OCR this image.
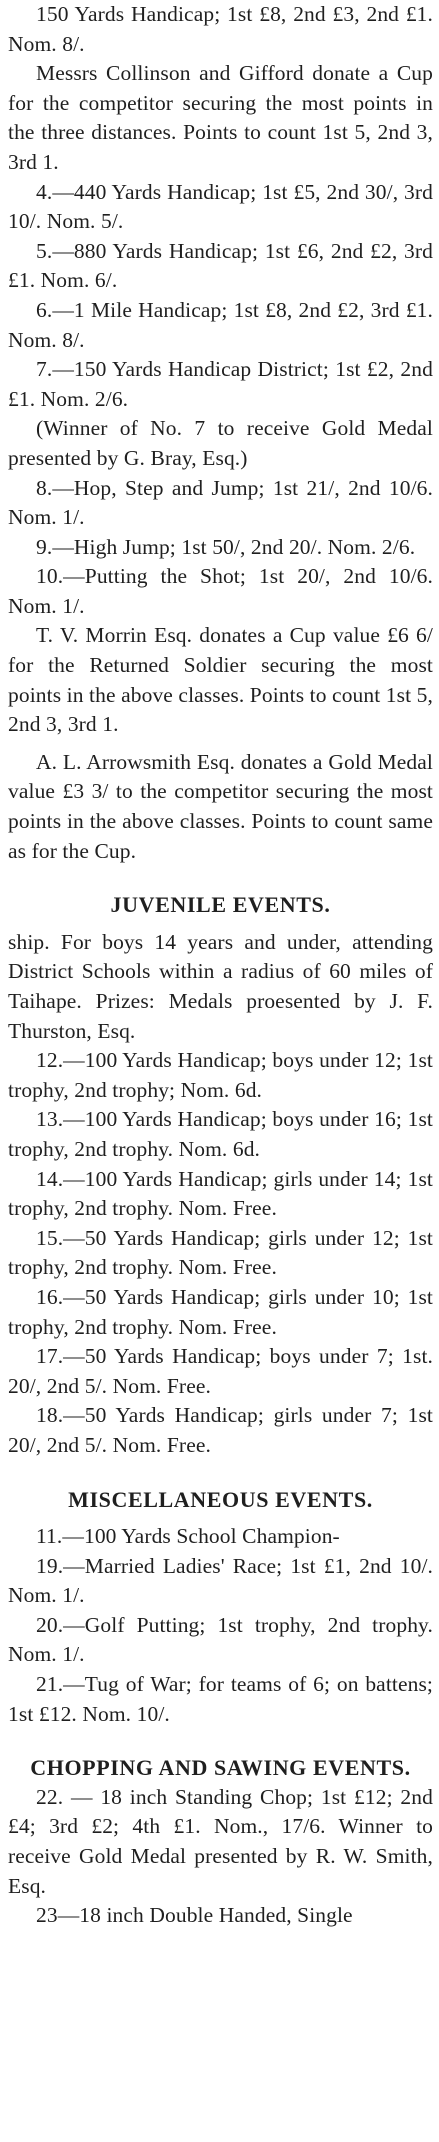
150 Yards Handicap; 1st £8, 2nd £3, 2nd £1. Nom. 8/.

Messrs Collinson and Gifford donate a Cup for the competitor securing the most points in the three distances. Points to count 1st 5, 2nd 3, 3rd 1.

4.—440 Yards Handicap; 1st £5, 2nd 30/, 3rd 10/. Nom. 5/.

5.—880 Yards Handicap; 1st £6, 2nd £2, 3rd £1. Nom. 6/.

6.—1 Mile Handicap; 1st £8, 2nd £2, 3rd £1. Nom. 8/.

7.—150 Yards Handicap District; 1st £2, 2nd £1. Nom. 2/6.

(Winner of No. 7 to receive Gold Medal presented by G. Bray, Esq.)

8.—Hop, Step and Jump; 1st 21/, 2nd 10/6. Nom. 1/.

9.—High Jump; 1st 50/, 2nd 20/. Nom. 2/6.

10.—Putting the Shot; 1st 20/, 2nd 10/6. Nom. 1/.

T. V. Morrin Esq. donates a Cup value £6 6/ for the Returned Soldier securing the most points in the above classes. Points to count 1st 5, 2nd 3, 3rd 1.

A. L. Arrowsmith Esq. donates a Gold Medal value £3 3/ to the competitor securing the most points in the above classes. Points to count same as for the Cup.

JUVENILE EVENTS.

ship. For boys 14 years and under, attending District Schools within a radius of 60 miles of Taihape. Prizes: Medals proesented by J. F. Thurston, Esq.

12.—100 Yards Handicap; boys under 12; 1st trophy, 2nd trophy; Nom. 6d.

13.—100 Yards Handicap; boys under 16; 1st trophy, 2nd trophy. Nom. 6d.

14.—100 Yards Handicap; girls under 14; 1st trophy, 2nd trophy. Nom. Free.

15.—50 Yards Handicap; girls under 12; 1st trophy, 2nd trophy. Nom. Free.

16.—50 Yards Handicap; girls under 10; 1st trophy, 2nd trophy. Nom. Free.

17.—50 Yards Handicap; boys under 7; 1st. 20/, 2nd 5/. Nom. Free.

18.—50 Yards Handicap; girls under 7; 1st 20/, 2nd 5/. Nom. Free.

MISCELLANEOUS EVENTS.

11.—100 Yards School Champion-

19.—Married Ladies' Race; 1st £1, 2nd 10/. Nom. 1/.

20.—Golf Putting; 1st trophy, 2nd trophy. Nom. 1/.

21.—Tug of War; for teams of 6; on battens; 1st £12. Nom. 10/.

CHOPPING AND SAWING EVENTS.

22. — 18 inch Standing Chop; 1st £12; 2nd £4; 3rd £2; 4th £1. Nom., 17/6. Winner to receive Gold Medal presented by R. W. Smith, Esq.

23—18 inch Double Handed, Single
